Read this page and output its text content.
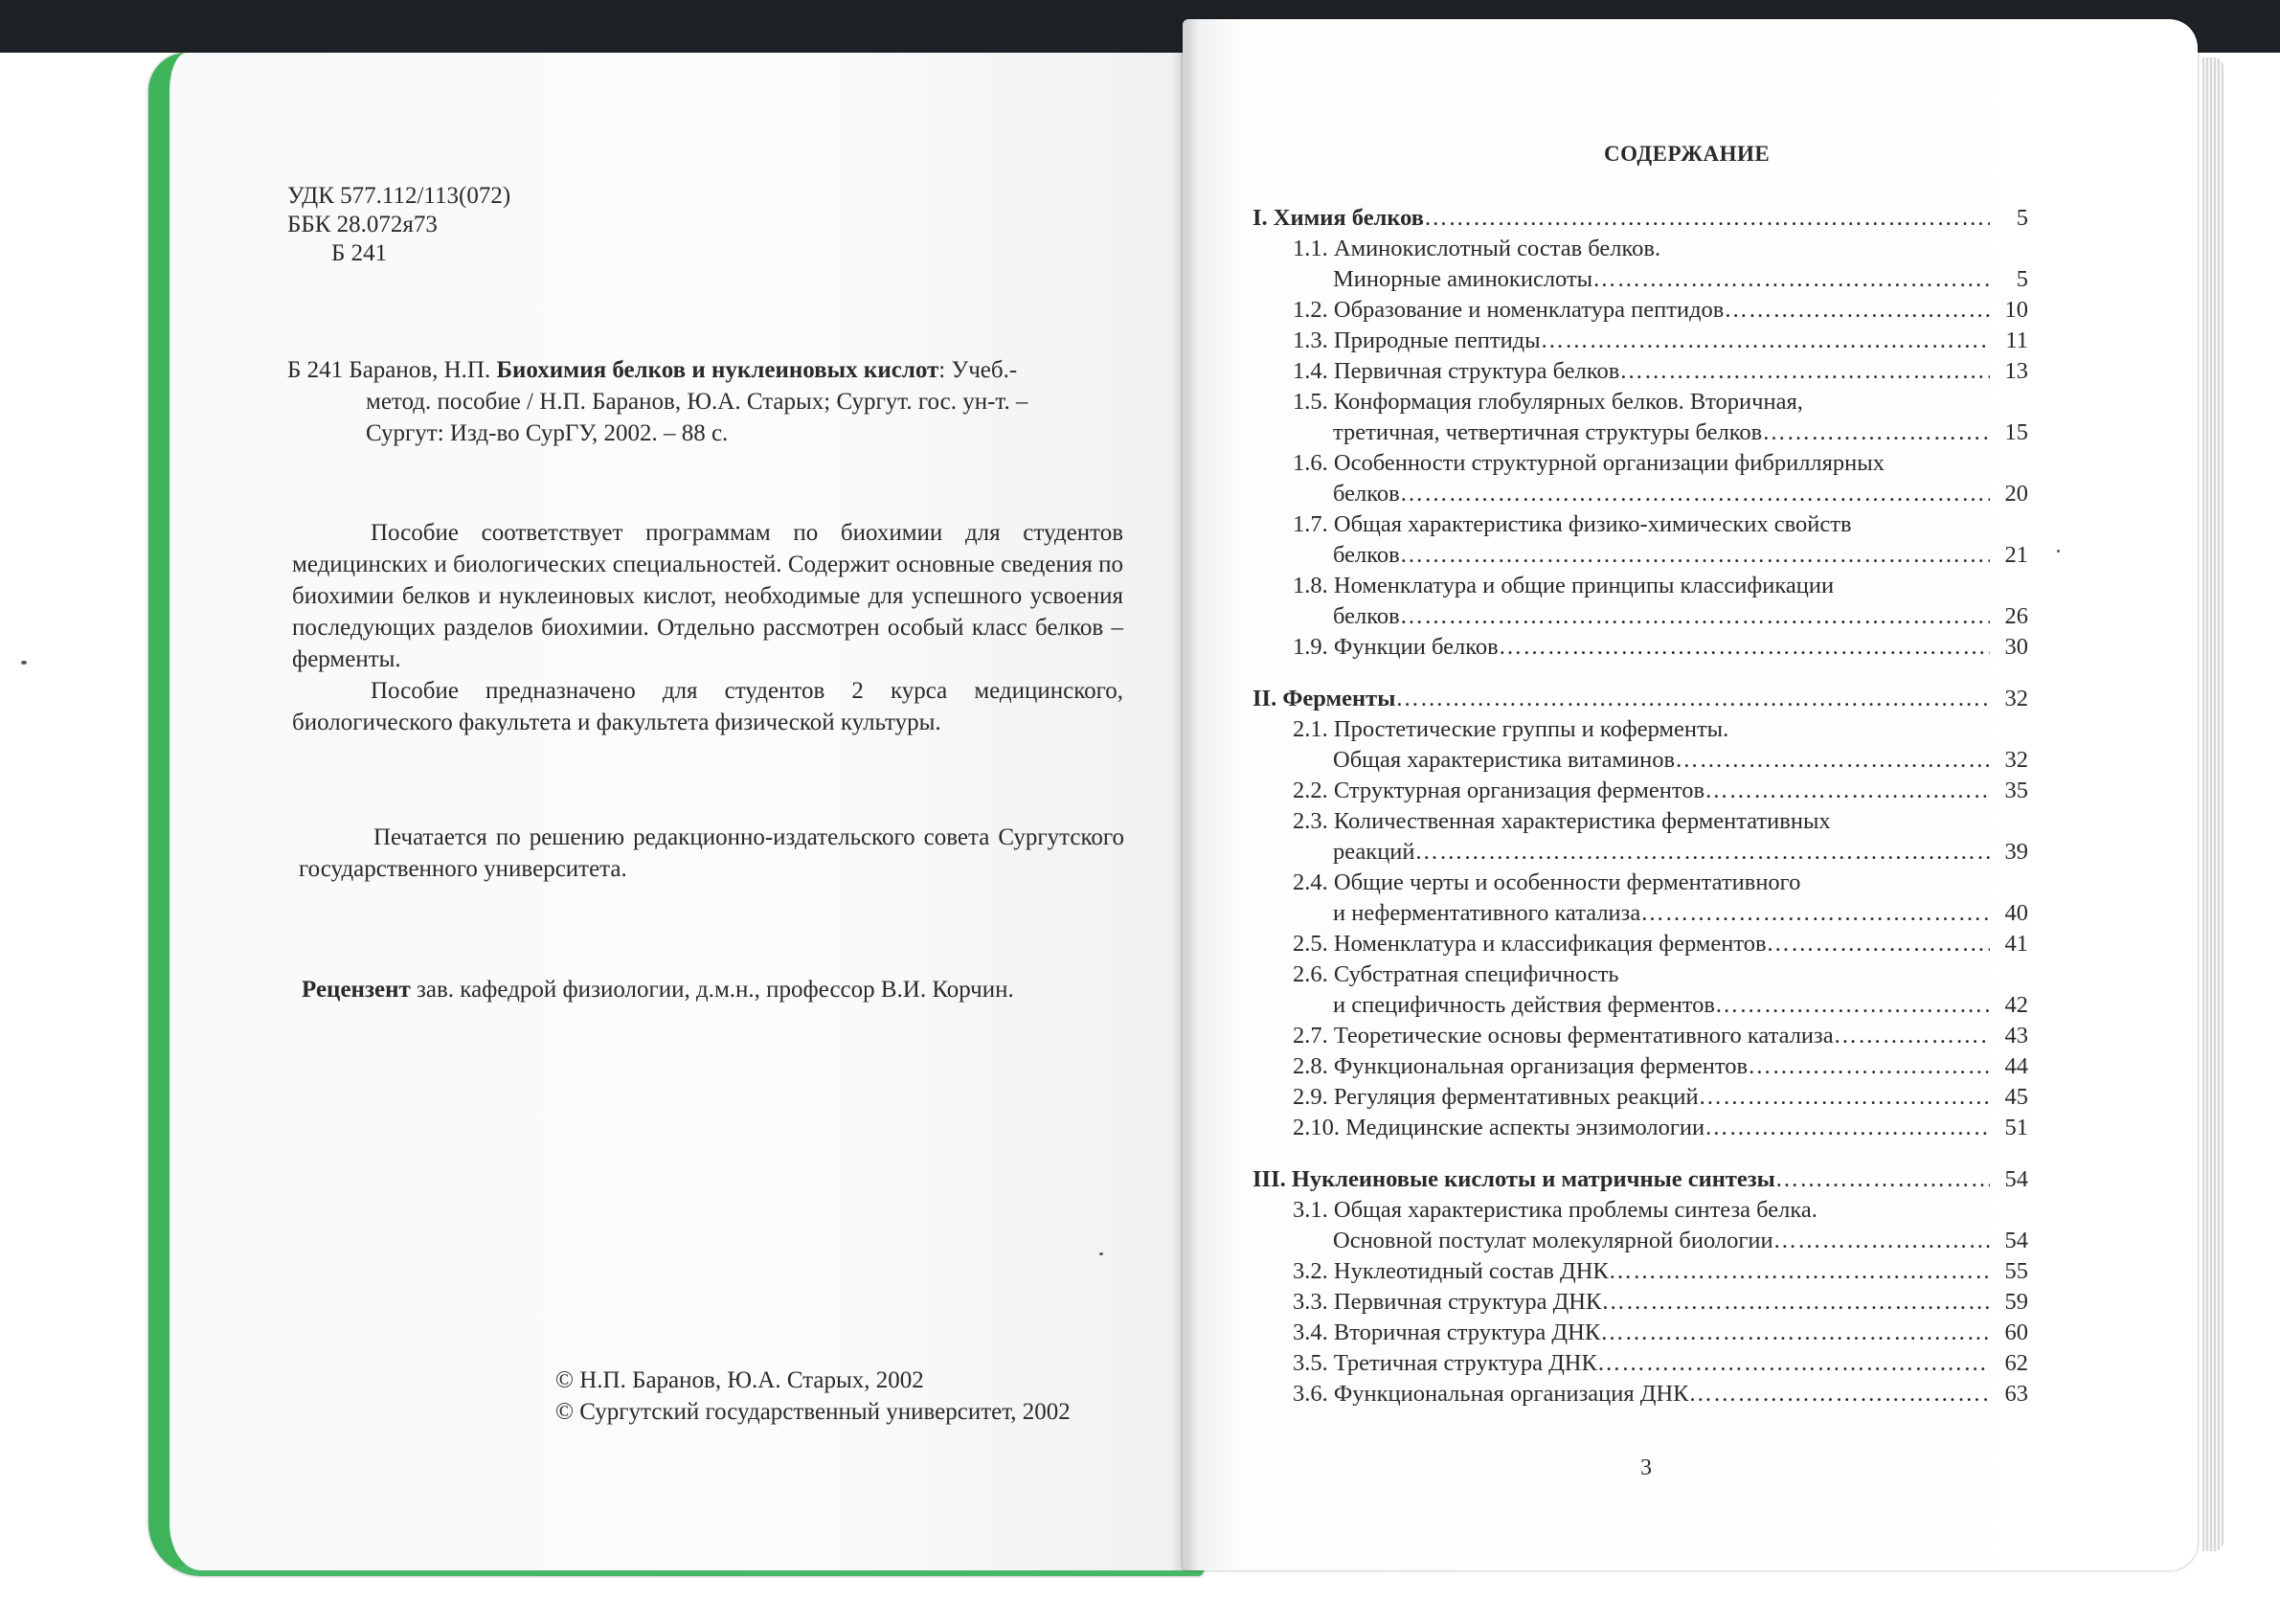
УДК 577.112/113(072)
ББК 28.072я73
Б 241
Б 241 Баранов, Н.П. Биохимия белков и нуклеиновых кислот: Учеб.-
метод. пособие / Н.П. Баранов, Ю.А. Старых; Сургут. гос. ун-т. –
Сургут: Изд-во СурГУ, 2002. – 88 с.

Пособие соответствует программам по биохимии для студентов медицинских и биологических специальностей. Содержит основные сведения по биохимии белков и нуклеиновых кислот, необходимые для успешного усвоения последующих разделов биохимии. Отдельно рассмотрен особый класс белков – ферменты.

Пособие предназначено для студентов 2 курса медицинского, биологического факультета и факультета физической культуры.

Печатается по решению редакционно-издательского совета Сургутского государственного университета.

Рецензент зав. кафедрой физиологии, д.м.н., профессор В.И. Корчин.
© Н.П. Баранов, Ю.А. Старых, 2002
© Сургутский государственный университет, 2002
СОДЕРЖАНИЕ
I. Химия белков …………………………………………………………………………………………………………………………	5
1.1. Аминокислотный состав белков.
Минорные аминокислоты …………………………………………………………………………………………………………………………	5
1.2. Образование и номенклатура пептидов …………………………………………………………………………………………………………………………	10
1.3. Природные пептиды …………………………………………………………………………………………………………………………	11
1.4. Первичная структура белков …………………………………………………………………………………………………………………………	13
1.5. Конформация глобулярных белков. Вторичная,
третичная, четвертичная структуры белков …………………………………………………………………………………………………………………………	15
1.6. Особенности структурной организации фибриллярных
белков …………………………………………………………………………………………………………………………	20
1.7. Общая характеристика физико-химических свойств
белков …………………………………………………………………………………………………………………………	21
1.8. Номенклатура и общие принципы классификации
белков …………………………………………………………………………………………………………………………	26
1.9. Функции белков …………………………………………………………………………………………………………………………	30
II. Ферменты …………………………………………………………………………………………………………………………	32
2.1. Простетические группы и коферменты.
Общая характеристика витаминов …………………………………………………………………………………………………………………………	32
2.2. Структурная организация ферментов …………………………………………………………………………………………………………………………	35
2.3. Количественная характеристика ферментативных
реакций …………………………………………………………………………………………………………………………	39
2.4. Общие черты и особенности ферментативного
и неферментативного катализа …………………………………………………………………………………………………………………………	40
2.5. Номенклатура и классификация ферментов …………………………………………………………………………………………………………………………	41
2.6. Субстратная специфичность
и специфичность действия ферментов …………………………………………………………………………………………………………………………	42
2.7. Теоретические основы ферментативного катализа …………………………………………………………………………………………………………………………	43
2.8. Функциональная организация ферментов …………………………………………………………………………………………………………………………	44
2.9. Регуляция ферментативных реакций …………………………………………………………………………………………………………………………	45
2.10. Медицинские аспекты энзимологии …………………………………………………………………………………………………………………………	51
III. Нуклеиновые кислоты и матричные синтезы …………………………………………………………………………………………………………………………	54
3.1. Общая характеристика проблемы синтеза белка.
Основной постулат молекулярной биологии …………………………………………………………………………………………………………………………	54
3.2. Нуклеотидный состав ДНК …………………………………………………………………………………………………………………………	55
3.3. Первичная структура ДНК …………………………………………………………………………………………………………………………	59
3.4. Вторичная структура ДНК …………………………………………………………………………………………………………………………	60
3.5. Третичная структура ДНК …………………………………………………………………………………………………………………………	62
3.6. Функциональная организация ДНК …………………………………………………………………………………………………………………………	63
3
